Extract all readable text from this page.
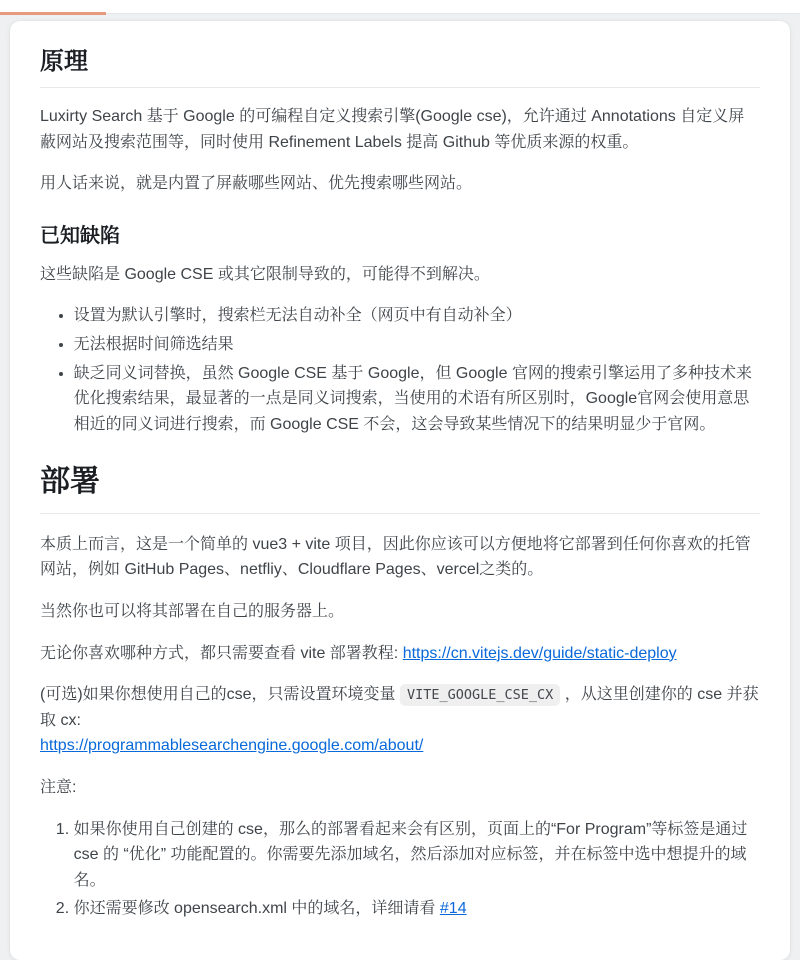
原理

Luxirty Search 基于 Google 的可编程自定义搜索引擎(Google cse)，允许通过 Annotations 自定义屏蔽网站及搜索范围等，同时使用 Refinement Labels 提高 Github 等优质来源的权重。

用人话来说，就是内置了屏蔽哪些网站、优先搜索哪些网站。

已知缺陷

这些缺陷是 Google CSE 或其它限制导致的，可能得不到解决。

• 设置为默认引擎时，搜索栏无法自动补全（网页中有自动补全）
• 无法根据时间筛选结果
• 缺乏同义词替换，虽然 Google CSE 基于 Google，但 Google 官网的搜索引擎运用了多种技术来优化搜索结果，最显著的一点是同义词搜索，当使用的术语有所区别时，Google官网会使用意思相近的同义词进行搜索，而 Google CSE 不会，这会导致某些情况下的结果明显少于官网。
部署

本质上而言，这是一个简单的 vue3 + vite 项目，因此你应该可以方便地将它部署到任何你喜欢的托管网站，例如 GitHub Pages、netfliy、Cloudflare Pages、vercel之类的。

当然你也可以将其部署在自己的服务器上。

无论你喜欢哪种方式，都只需要查看 vite 部署教程: https://cn.vitejs.dev/guide/static-deploy

(可选)如果你想使用自己的cse，只需设置环境变量 VITE_GOOGLE_CSE_CX ，从这里创建你的 cse 并获取 cx:
https://programmablesearchengine.google.com/about/

注意:

1. 如果你使用自己创建的 cse，那么的部署看起来会有区别，页面上的“For Program”等标签是通过 cse 的 “优化” 功能配置的。你需要先添加域名，然后添加对应标签，并在标签中选中想提升的域名。
2. 你还需要修改 opensearch.xml 中的域名，详细请看 #14
